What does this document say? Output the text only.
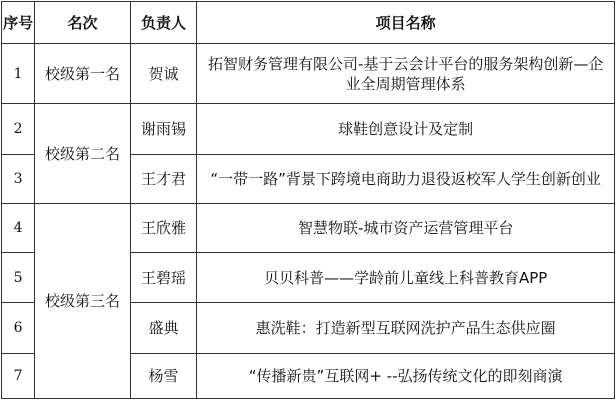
序号	名次	负责人	项目名称
1	校级第一名	贺诚	拓智财务管理有限公司-基于云会计平台的服务架构创新—企业全周期管理体系
2	校级第二名	谢雨锡	球鞋创意设计及定制
3		王才君	“一带一路”背景下跨境电商助力退役返校军人学生创新创业
4	校级第三名	王欣雅	智慧物联-城市资产运营管理平台
5		王碧瑶	贝贝科普——学龄前儿童线上科普教育APP
6		盛典	惠洗鞋：打造新型互联网洗护产品生态供应圈
7		杨雪	“传播新贵”互联网+ --弘扬传统文化的即刻商演
